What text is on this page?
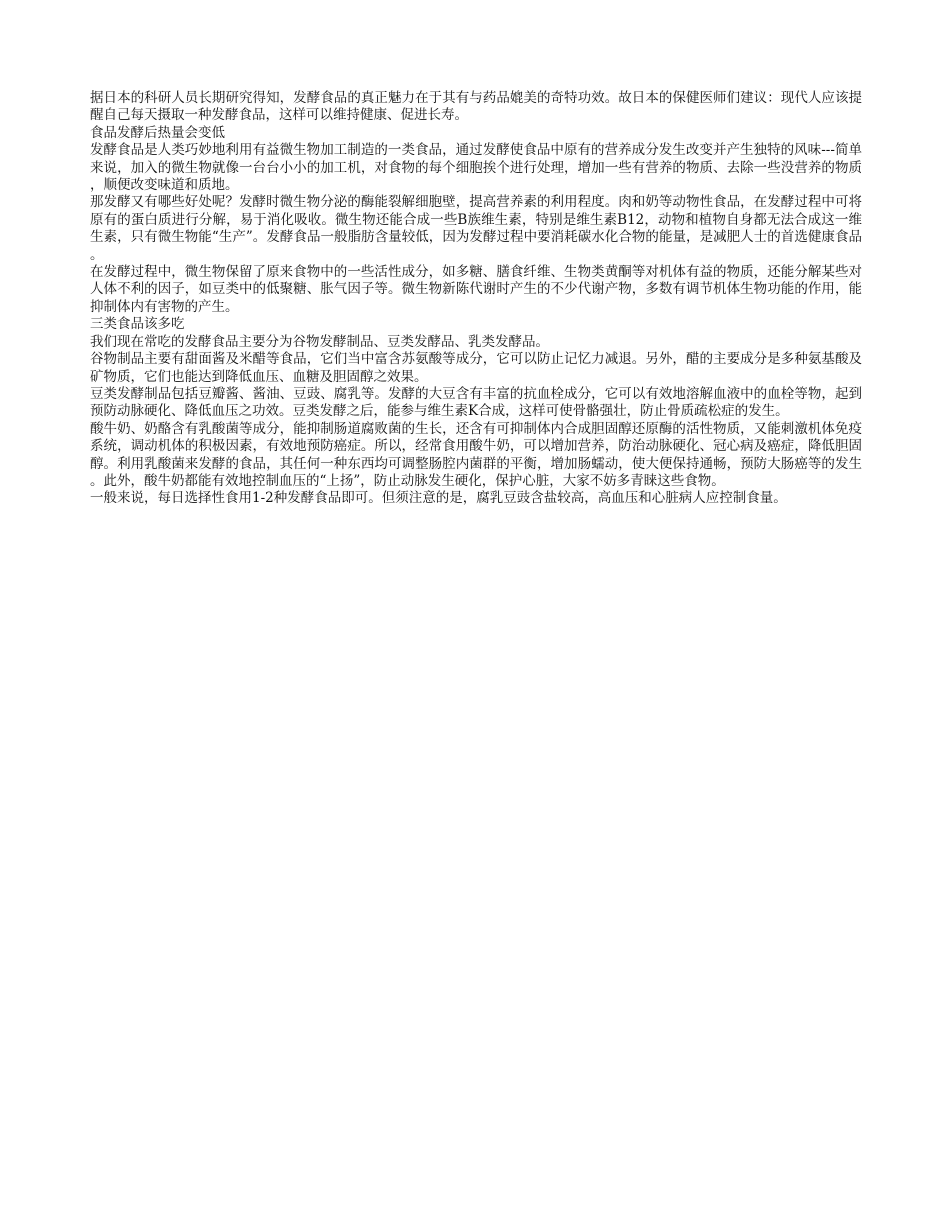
据日本的科研人员长期研究得知，发酵食品的真正魅力在于其有与药品媲美的奇特功效。故日本的保健医师们建议：现代人应该提醒自己每天摄取一种发酵食品，这样可以维持健康、促进长寿。

食品发酵后热量会变低

发酵食品是人类巧妙地利用有益微生物加工制造的一类食品，通过发酵使食品中原有的营养成分发生改变并产生独特的风味---简单来说，加入的微生物就像一台台小小的加工机，对食物的每个细胞挨个进行处理，增加一些有营养的物质、去除一些没营养的物质，顺便改变味道和质地。

那发酵又有哪些好处呢？发酵时微生物分泌的酶能裂解细胞壁，提高营养素的利用程度。肉和奶等动物性食品，在发酵过程中可将原有的蛋白质进行分解，易于消化吸收。微生物还能合成一些B族维生素，特别是维生素B12，动物和植物自身都无法合成这一维生素，只有微生物能“生产”。发酵食品一般脂肪含量较低，因为发酵过程中要消耗碳水化合物的能量，是减肥人士的首选健康食品。

在发酵过程中，微生物保留了原来食物中的一些活性成分，如多糖、膳食纤维、生物类黄酮等对机体有益的物质，还能分解某些对人体不利的因子，如豆类中的低聚糖、胀气因子等。微生物新陈代谢时产生的不少代谢产物，多数有调节机体生物功能的作用，能抑制体内有害物的产生。

三类食品该多吃

我们现在常吃的发酵食品主要分为谷物发酵制品、豆类发酵品、乳类发酵品。

谷物制品主要有甜面酱及米醋等食品，它们当中富含苏氨酸等成分，它可以防止记忆力减退。另外，醋的主要成分是多种氨基酸及矿物质，它们也能达到降低血压、血糖及胆固醇之效果。

豆类发酵制品包括豆瓣酱、酱油、豆豉、腐乳等。发酵的大豆含有丰富的抗血栓成分，它可以有效地溶解血液中的血栓等物，起到预防动脉硬化、降低血压之功效。豆类发酵之后，能参与维生素K合成，这样可使骨骼强壮，防止骨质疏松症的发生。

酸牛奶、奶酪含有乳酸菌等成分，能抑制肠道腐败菌的生长，还含有可抑制体内合成胆固醇还原酶的活性物质，又能刺激机体免疫系统，调动机体的积极因素，有效地预防癌症。所以，经常食用酸牛奶，可以增加营养，防治动脉硬化、冠心病及癌症，降低胆固醇。利用乳酸菌来发酵的食品，其任何一种东西均可调整肠腔内菌群的平衡，增加肠蠕动，使大便保持通畅，预防大肠癌等的发生。此外，酸牛奶都能有效地控制血压的“上扬”，防止动脉发生硬化，保护心脏，大家不妨多青睐这些食物。

一般来说，每日选择性食用1-2种发酵食品即可。但须注意的是，腐乳豆豉含盐较高，高血压和心脏病人应控制食量。
